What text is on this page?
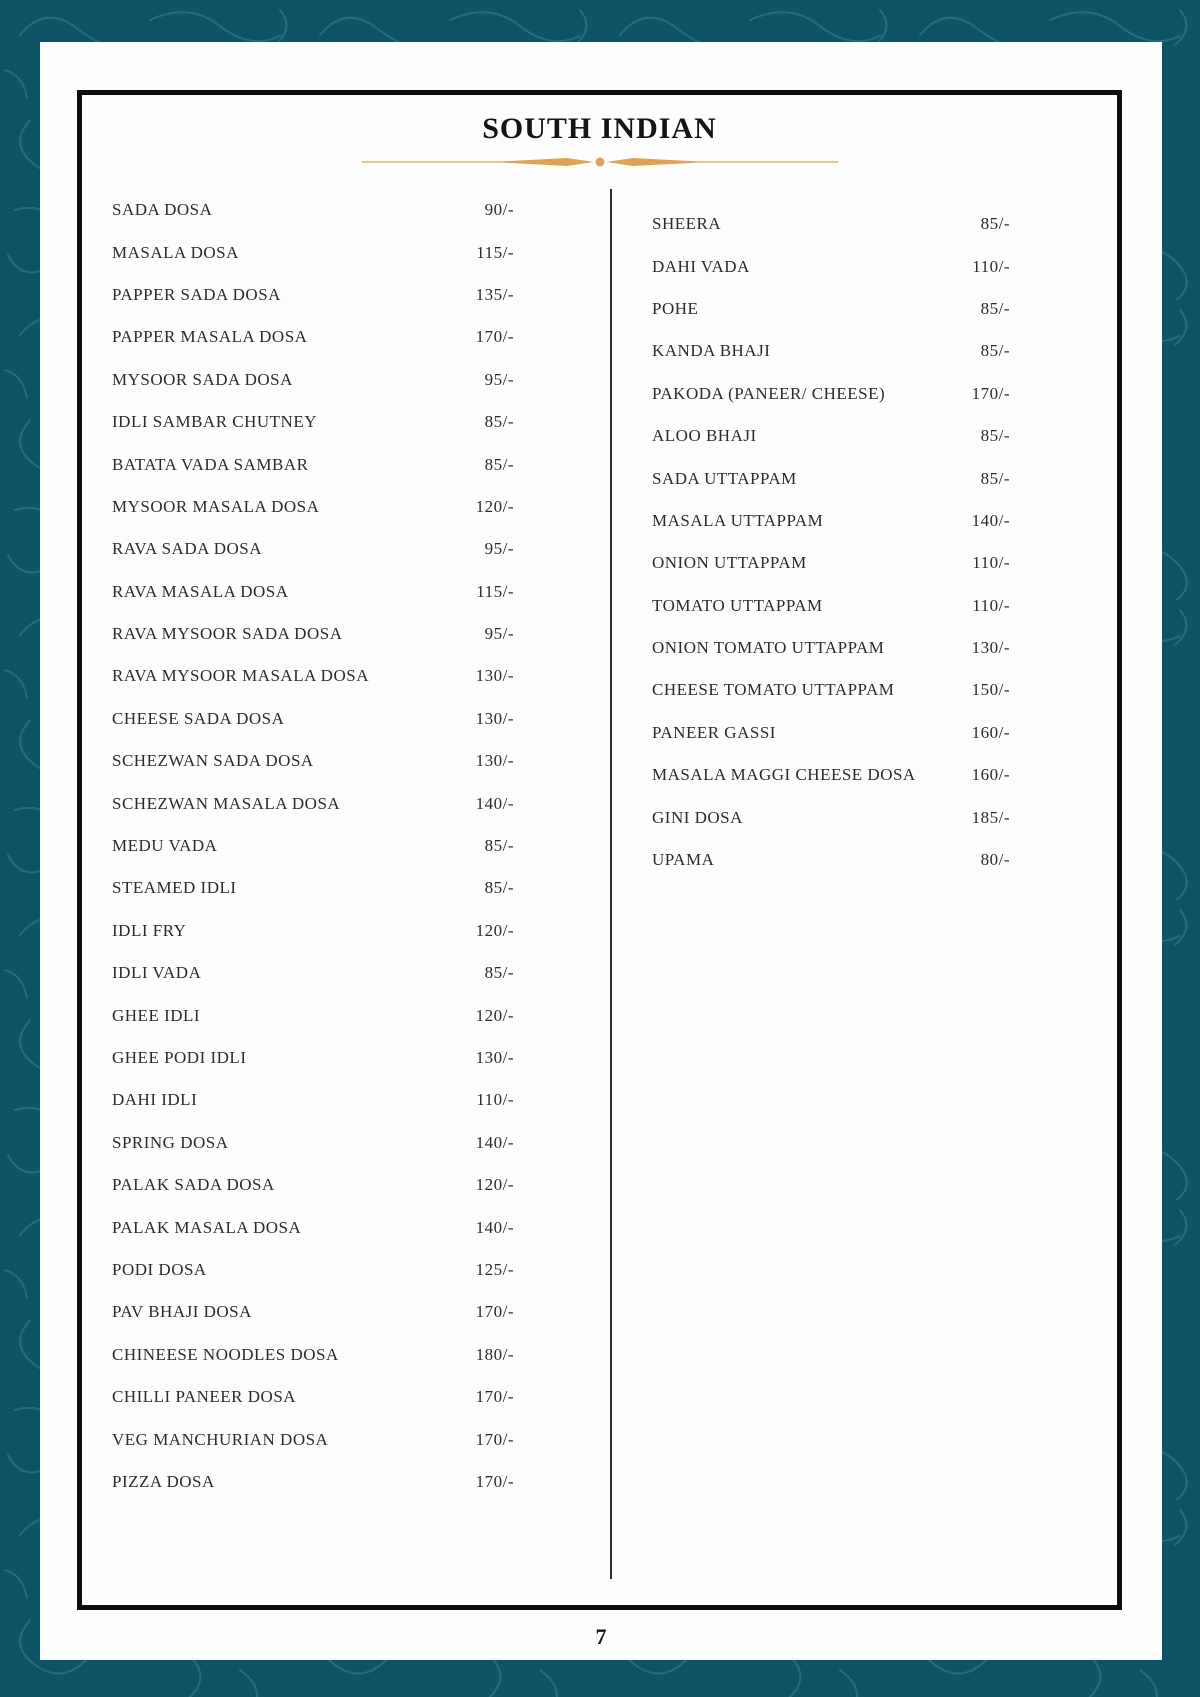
SOUTH INDIAN
SADA DOSA	90/-
MASALA DOSA	115/-
PAPPER SADA DOSA	135/-
PAPPER MASALA DOSA	170/-
MYSOOR SADA DOSA	95/-
IDLI SAMBAR CHUTNEY	85/-
BATATA VADA SAMBAR	85/-
MYSOOR MASALA DOSA	120/-
RAVA SADA DOSA	95/-
RAVA MASALA DOSA	115/-
RAVA MYSOOR SADA DOSA	95/-
RAVA MYSOOR MASALA DOSA	130/-
CHEESE SADA DOSA	130/-
SCHEZWAN SADA DOSA	130/-
SCHEZWAN MASALA DOSA	140/-
MEDU VADA	85/-
STEAMED IDLI	85/-
IDLI FRY	120/-
IDLI VADA	85/-
GHEE IDLI	120/-
GHEE PODI IDLI	130/-
DAHI IDLI	110/-
SPRING DOSA	140/-
PALAK SADA DOSA	120/-
PALAK MASALA DOSA	140/-
PODI DOSA	125/-
PAV BHAJI DOSA	170/-
CHINEESE NOODLES DOSA	180/-
CHILLI PANEER DOSA	170/-
VEG MANCHURIAN DOSA	170/-
PIZZA DOSA	170/-
SHEERA	85/-
DAHI VADA	110/-
POHE	85/-
KANDA BHAJI	85/-
PAKODA (PANEER/ CHEESE)	170/-
ALOO BHAJI	85/-
SADA UTTAPPAM	85/-
MASALA UTTAPPAM	140/-
ONION UTTAPPAM	110/-
TOMATO UTTAPPAM	110/-
ONION TOMATO UTTAPPAM	130/-
CHEESE TOMATO UTTAPPAM	150/-
PANEER GASSI	160/-
MASALA MAGGI CHEESE DOSA	160/-
GINI DOSA	185/-
UPAMA	80/-
7
